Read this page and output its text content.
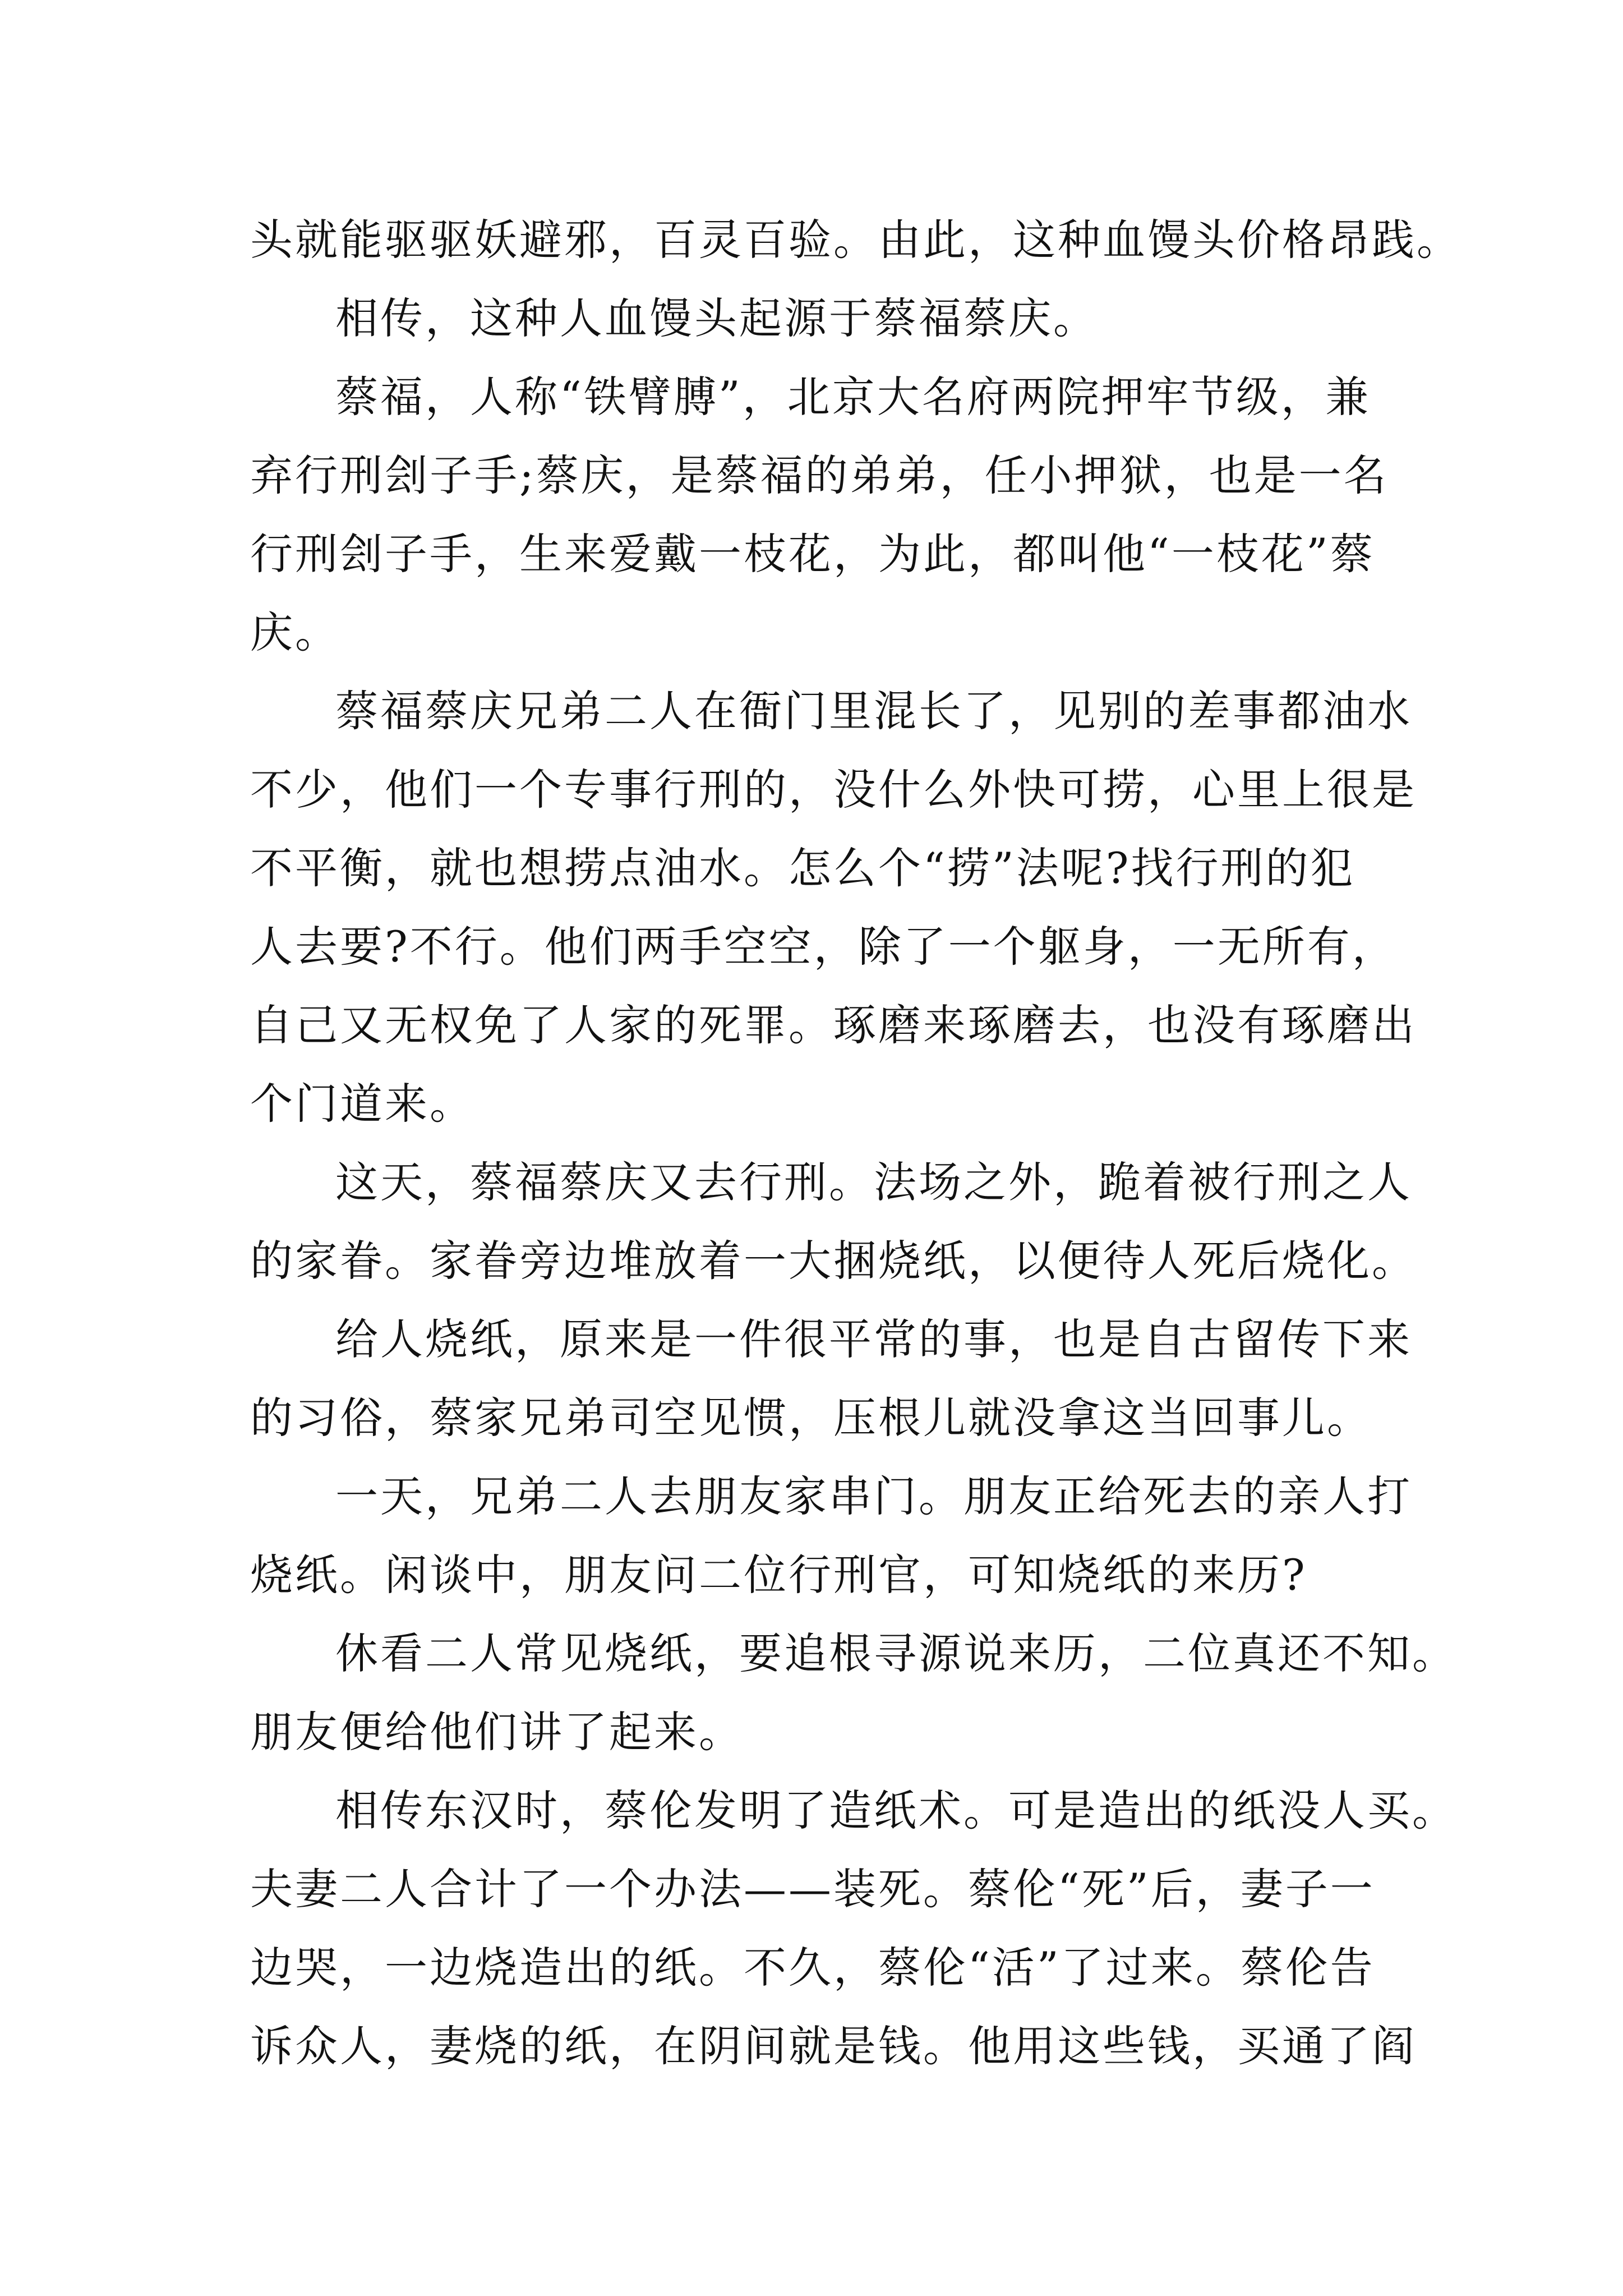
头就能驱驱妖避邪，百灵百验。由此，这种血馒头价格昂践。
相传，这种人血馒头起源于蔡福蔡庆。
蔡福，人称“铁臂膊”，北京大名府两院押牢节级，兼
弃行刑刽子手;蔡庆，是蔡福的弟弟，任小押狱，也是一名
行刑刽子手，生来爱戴一枝花，为此，都叫他“一枝花”蔡
庆。
蔡福蔡庆兄弟二人在衙门里混长了，见别的差事都油水
不少，他们一个专事行刑的，没什么外快可捞，心里上很是
不平衡，就也想捞点油水。怎么个“捞”法呢?找行刑的犯
人去要?不行。他们两手空空，除了一个躯身，一无所有，
自己又无权免了人家的死罪。琢磨来琢磨去，也没有琢磨出
个门道来。
这天，蔡福蔡庆又去行刑。法场之外，跪着被行刑之人
的家眷。家眷旁边堆放着一大捆烧纸，以便待人死后烧化。
给人烧纸，原来是一件很平常的事，也是自古留传下来
的习俗，蔡家兄弟司空见惯，压根儿就没拿这当回事儿。
一天，兄弟二人去朋友家串门。朋友正给死去的亲人打
烧纸。闲谈中，朋友问二位行刑官，可知烧纸的来历?
休看二人常见烧纸，要追根寻源说来历，二位真还不知。
朋友便给他们讲了起来。
相传东汉时，蔡伦发明了造纸术。可是造出的纸没人买。
夫妻二人合计了一个办法——装死。蔡伦“死”后，妻子一
边哭，一边烧造出的纸。不久，蔡伦“活”了过来。蔡伦告
诉众人，妻烧的纸，在阴间就是钱。他用这些钱，买通了阎
